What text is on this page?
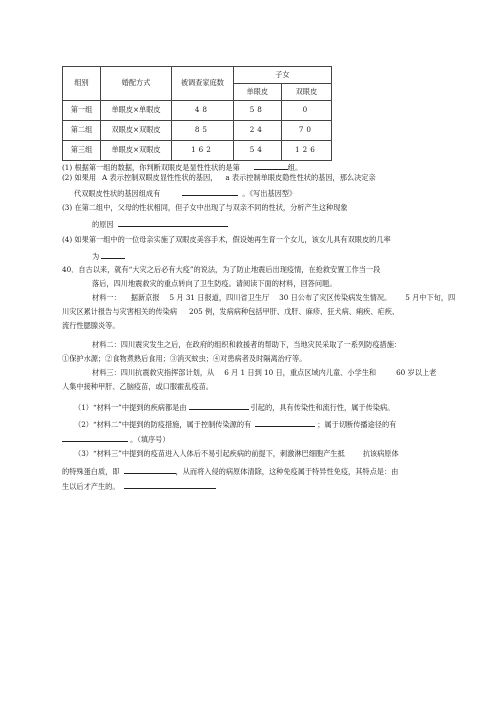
组别	婚配方式	被调查家庭数	子女	
			单眼皮	双眼皮
第一组	单眼皮×单眼皮	48	58	0
第二组	双眼皮×双眼皮	85	24	70
第三组	单眼皮×双眼皮	162	54	126
(1) 根据第一组的数据，你判断双眼皮是显性性状的是第	组。
(2) 如果用 A 表示控制双眼皮显性性状的基因， a 表示控制单眼皮隐性性状的基因，那么决定亲
代双眼皮性状的基因组成有	。《写出基因型》
(3) 在第二组中，父母的性状相同，但子女中出现了与双亲不同的性状，分析产生这种现象
的原因
(4) 如果第一组中的一位母亲实施了双眼皮美容手术，假设她再生育一个女儿，该女儿具有双眼皮的几率
为
40．自古以来，就有“大灾之后必有大疫”的说法，为了防止地震后出现疫情，在抢救安置工作当一段
落后，四川地震救灾的重点转向了卫生防疫。请阅读下面的材料，回答问题。
材料一： 据新京报 5 月 31 日报道，四川省卫生厅 30 日公布了灾区传染病发生情况。 5 月中下旬，四
川灾区累计报告与灾害相关的传染病 205 例，发病病种包括甲肝、戊肝、麻疹、狂犬病、痢疾、疟疾、
流行性腮腺炎等。
材料二：四川震灾发生之后，在政府的组织和救援者的帮助下，当地灾民采取了一系列防疫措施：
①保护水源；②食物煮熟后食用；③消灭蚊虫；④对患病者及时隔离治疗等。
材料三：四川抗震救灾指挥部计划，从 6 月 1 日到 10 日，重点区域内儿童、小学生和	60 岁以上老
人集中接种甲肝、乙脑疫苗，或口服霍乱疫苗。
（1）“材料一”中提到的疾病都是由	引起的，具有传染性和流行性，属于传染病。
（2）“材料二”中提到的防疫措施，属于控制传染源的有	；属于切断传播途径的有
。（填序号）
（3）“材料三”中提到的疫苗进入人体后不易引起疾病的前提下，刺激淋巴细胞产生抵	抗该病原体
的特殊蛋白质，即	，从而将入侵的病原体清除，这种免疫属于特异性免疫，其特点是：由
生以后才产生的。
